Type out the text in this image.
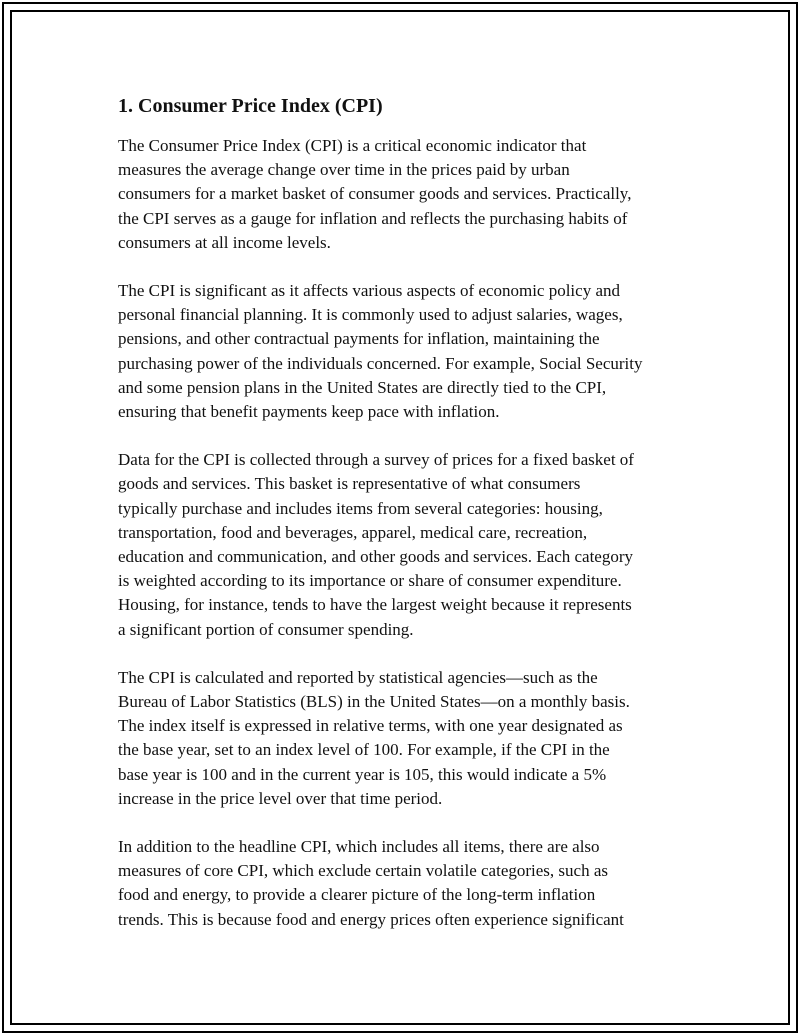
1. Consumer Price Index (CPI)

The Consumer Price Index (CPI) is a critical economic indicator that
measures the average change over time in the prices paid by urban
consumers for a market basket of consumer goods and services. Practically,
the CPI serves as a gauge for inflation and reflects the purchasing habits of
consumers at all income levels.

The CPI is significant as it affects various aspects of economic policy and
personal financial planning. It is commonly used to adjust salaries, wages,
pensions, and other contractual payments for inflation, maintaining the
purchasing power of the individuals concerned. For example, Social Security
and some pension plans in the United States are directly tied to the CPI,
ensuring that benefit payments keep pace with inflation.

Data for the CPI is collected through a survey of prices for a fixed basket of
goods and services. This basket is representative of what consumers
typically purchase and includes items from several categories: housing,
transportation, food and beverages, apparel, medical care, recreation,
education and communication, and other goods and services. Each category
is weighted according to its importance or share of consumer expenditure.
Housing, for instance, tends to have the largest weight because it represents
a significant portion of consumer spending.

The CPI is calculated and reported by statistical agencies—such as the
Bureau of Labor Statistics (BLS) in the United States—on a monthly basis.
The index itself is expressed in relative terms, with one year designated as
the base year, set to an index level of 100. For example, if the CPI in the
base year is 100 and in the current year is 105, this would indicate a 5%
increase in the price level over that time period.

In addition to the headline CPI, which includes all items, there are also
measures of core CPI, which exclude certain volatile categories, such as
food and energy, to provide a clearer picture of the long-term inflation
trends. This is because food and energy prices often experience significant
